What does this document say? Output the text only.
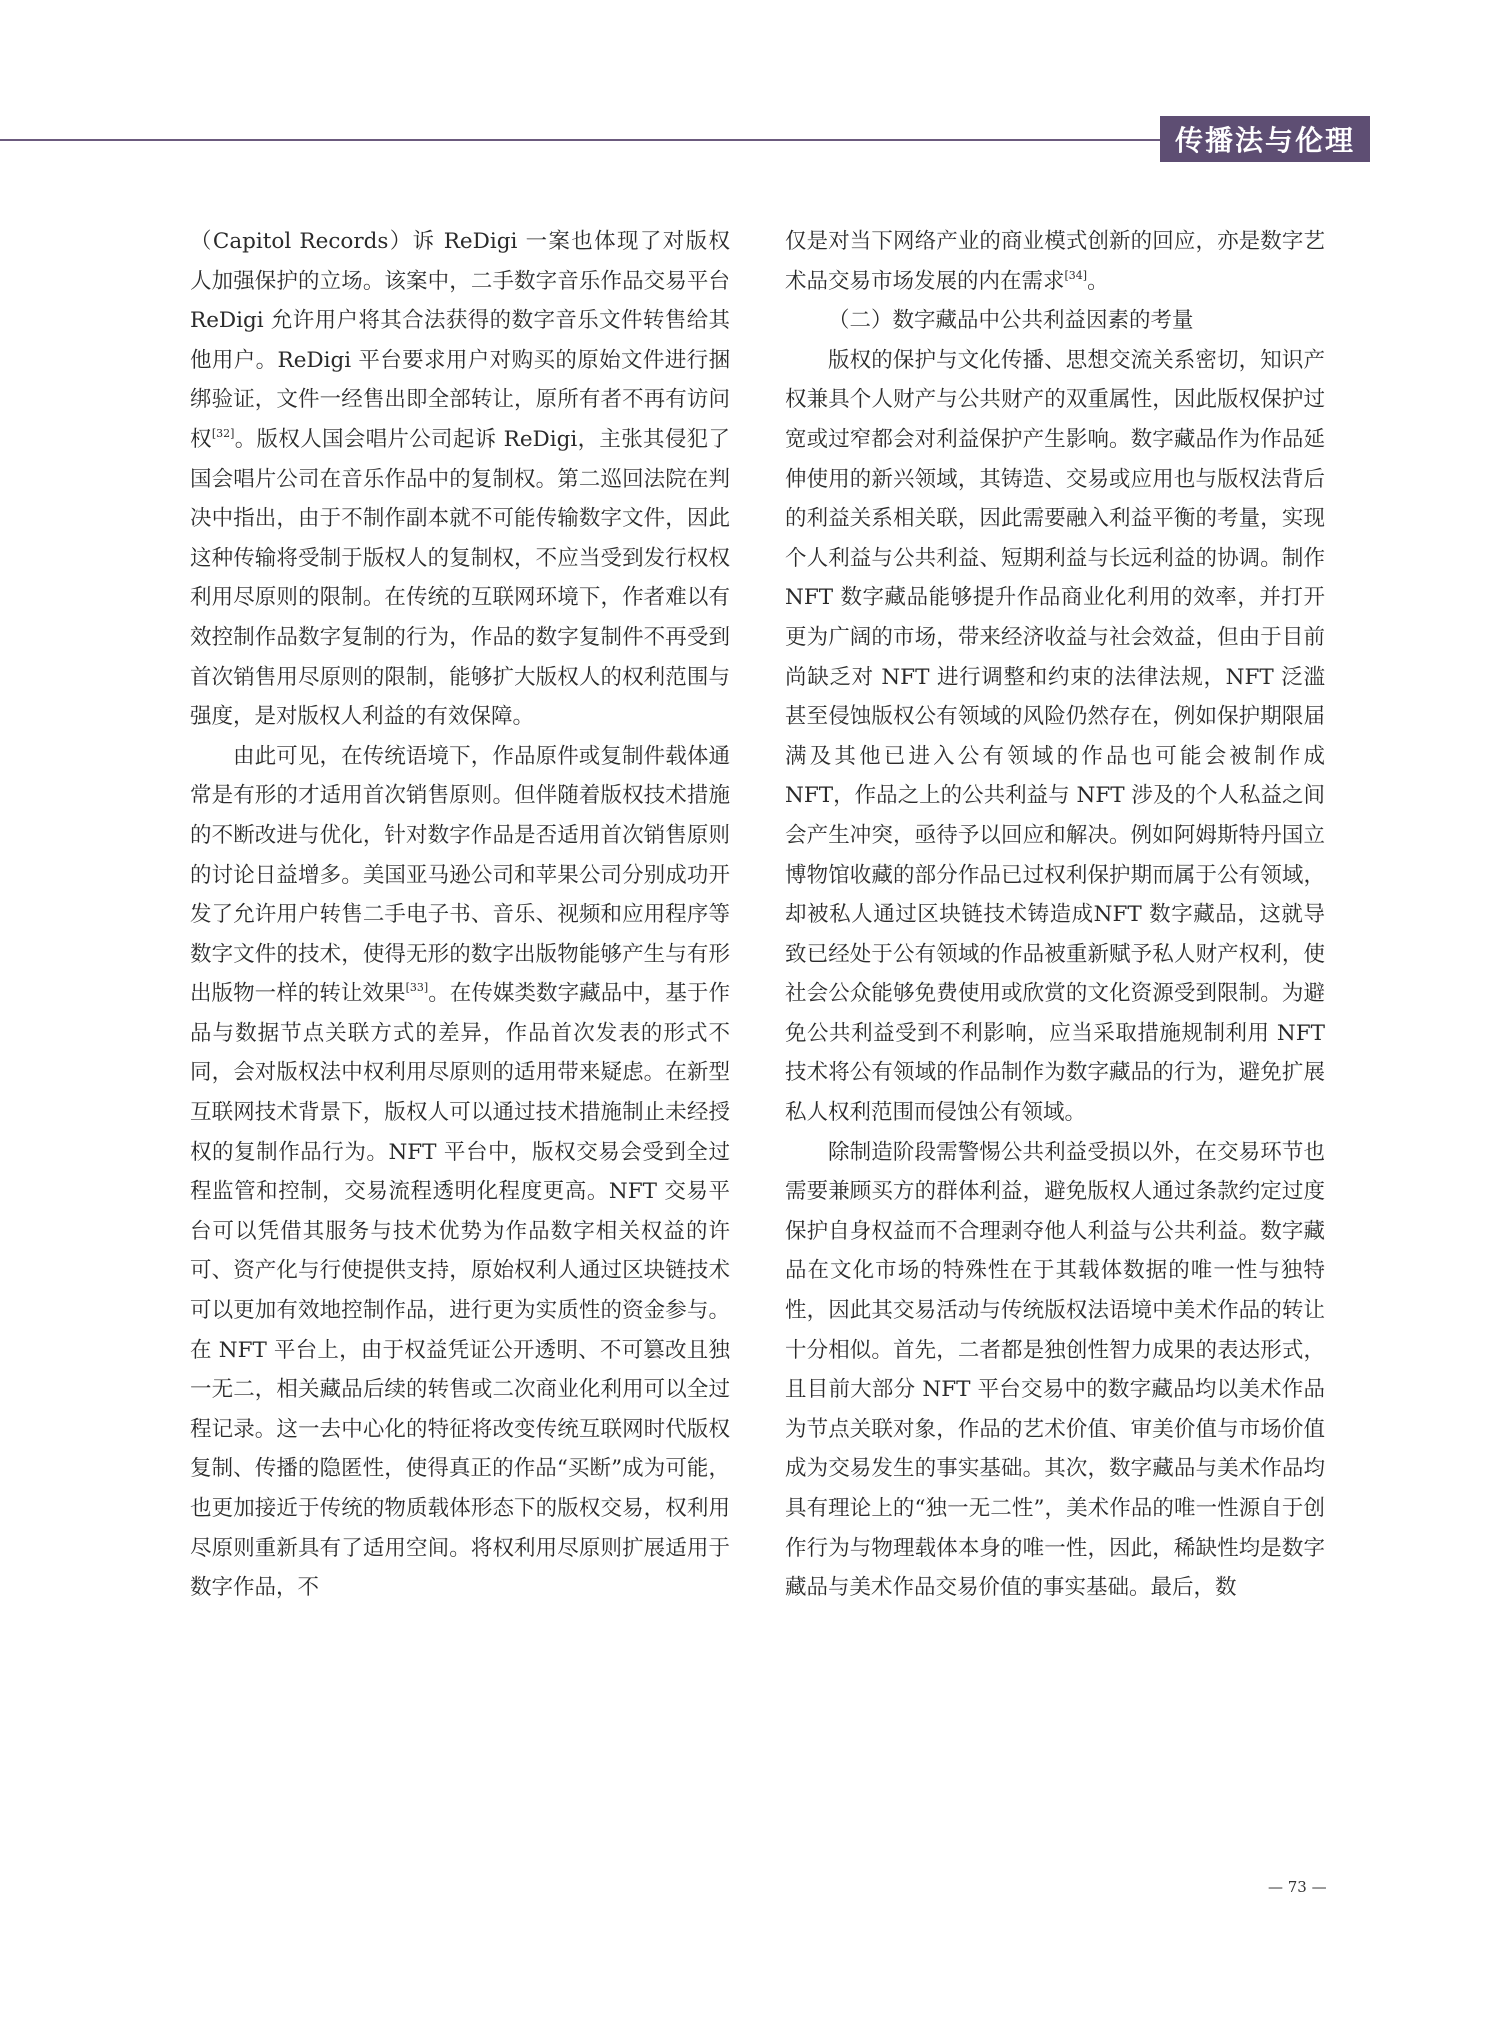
传播法与伦理

（Capitol Records）诉 ReDigi 一案也体现了对版权人加强保护的立场。该案中，二手数字音乐作品交易平台 ReDigi 允许用户将其合法获得的数字音乐文件转售给其他用户。ReDigi 平台要求用户对购买的原始文件进行捆绑验证，文件一经售出即全部转让，原所有者不再有访问权[32]。版权人国会唱片公司起诉 ReDigi，主张其侵犯了国会唱片公司在音乐作品中的复制权。第二巡回法院在判决中指出，由于不制作副本就不可能传输数字文件，因此这种传输将受制于版权人的复制权，不应当受到发行权权利用尽原则的限制。在传统的互联网环境下，作者难以有效控制作品数字复制的行为，作品的数字复制件不再受到首次销售用尽原则的限制，能够扩大版权人的权利范围与强度，是对版权人利益的有效保障。

由此可见，在传统语境下，作品原件或复制件载体通常是有形的才适用首次销售原则。但伴随着版权技术措施的不断改进与优化，针对数字作品是否适用首次销售原则的讨论日益增多。美国亚马逊公司和苹果公司分别成功开发了允许用户转售二手电子书、音乐、视频和应用程序等数字文件的技术，使得无形的数字出版物能够产生与有形出版物一样的转让效果[33]。在传媒类数字藏品中，基于作品与数据节点关联方式的差异，作品首次发表的形式不同，会对版权法中权利用尽原则的适用带来疑虑。在新型互联网技术背景下，版权人可以通过技术措施制止未经授权的复制作品行为。NFT 平台中，版权交易会受到全过程监管和控制，交易流程透明化程度更高。NFT 交易平台可以凭借其服务与技术优势为作品数字相关权益的许可、资产化与行使提供支持，原始权利人通过区块链技术可以更加有效地控制作品，进行更为实质性的资金参与。在 NFT 平台上，由于权益凭证公开透明、不可篡改且独一无二，相关藏品后续的转售或二次商业化利用可以全过程记录。这一去中心化的特征将改变传统互联网时代版权复制、传播的隐匿性，使得真正的作品“买断”成为可能，也更加接近于传统的物质载体形态下的版权交易，权利用尽原则重新具有了适用空间。将权利用尽原则扩展适用于数字作品，不

仅是对当下网络产业的商业模式创新的回应，亦是数字艺术品交易市场发展的内在需求[34]。

（二）数字藏品中公共利益因素的考量

版权的保护与文化传播、思想交流关系密切，知识产权兼具个人财产与公共财产的双重属性，因此版权保护过宽或过窄都会对利益保护产生影响。数字藏品作为作品延伸使用的新兴领域，其铸造、交易或应用也与版权法背后的利益关系相关联，因此需要融入利益平衡的考量，实现个人利益与公共利益、短期利益与长远利益的协调。制作 NFT 数字藏品能够提升作品商业化利用的效率，并打开更为广阔的市场，带来经济收益与社会效益，但由于目前尚缺乏对 NFT 进行调整和约束的法律法规，NFT 泛滥甚至侵蚀版权公有领域的风险仍然存在，例如保护期限届满及其他已进入公有领域的作品也可能会被制作成 NFT，作品之上的公共利益与 NFT 涉及的个人私益之间会产生冲突，亟待予以回应和解决。例如阿姆斯特丹国立博物馆收藏的部分作品已过权利保护期而属于公有领域，却被私人通过区块链技术铸造成NFT 数字藏品，这就导致已经处于公有领域的作品被重新赋予私人财产权利，使社会公众能够免费使用或欣赏的文化资源受到限制。为避免公共利益受到不利影响，应当采取措施规制利用 NFT 技术将公有领域的作品制作为数字藏品的行为，避免扩展私人权利范围而侵蚀公有领域。

除制造阶段需警惕公共利益受损以外，在交易环节也需要兼顾买方的群体利益，避免版权人通过条款约定过度保护自身权益而不合理剥夺他人利益与公共利益。数字藏品在文化市场的特殊性在于其载体数据的唯一性与独特性，因此其交易活动与传统版权法语境中美术作品的转让十分相似。首先，二者都是独创性智力成果的表达形式，且目前大部分 NFT 平台交易中的数字藏品均以美术作品为节点关联对象，作品的艺术价值、审美价值与市场价值成为交易发生的事实基础。其次，数字藏品与美术作品均具有理论上的“独一无二性”，美术作品的唯一性源自于创作行为与物理载体本身的唯一性，因此，稀缺性均是数字藏品与美术作品交易价值的事实基础。最后，数

— 73 —
